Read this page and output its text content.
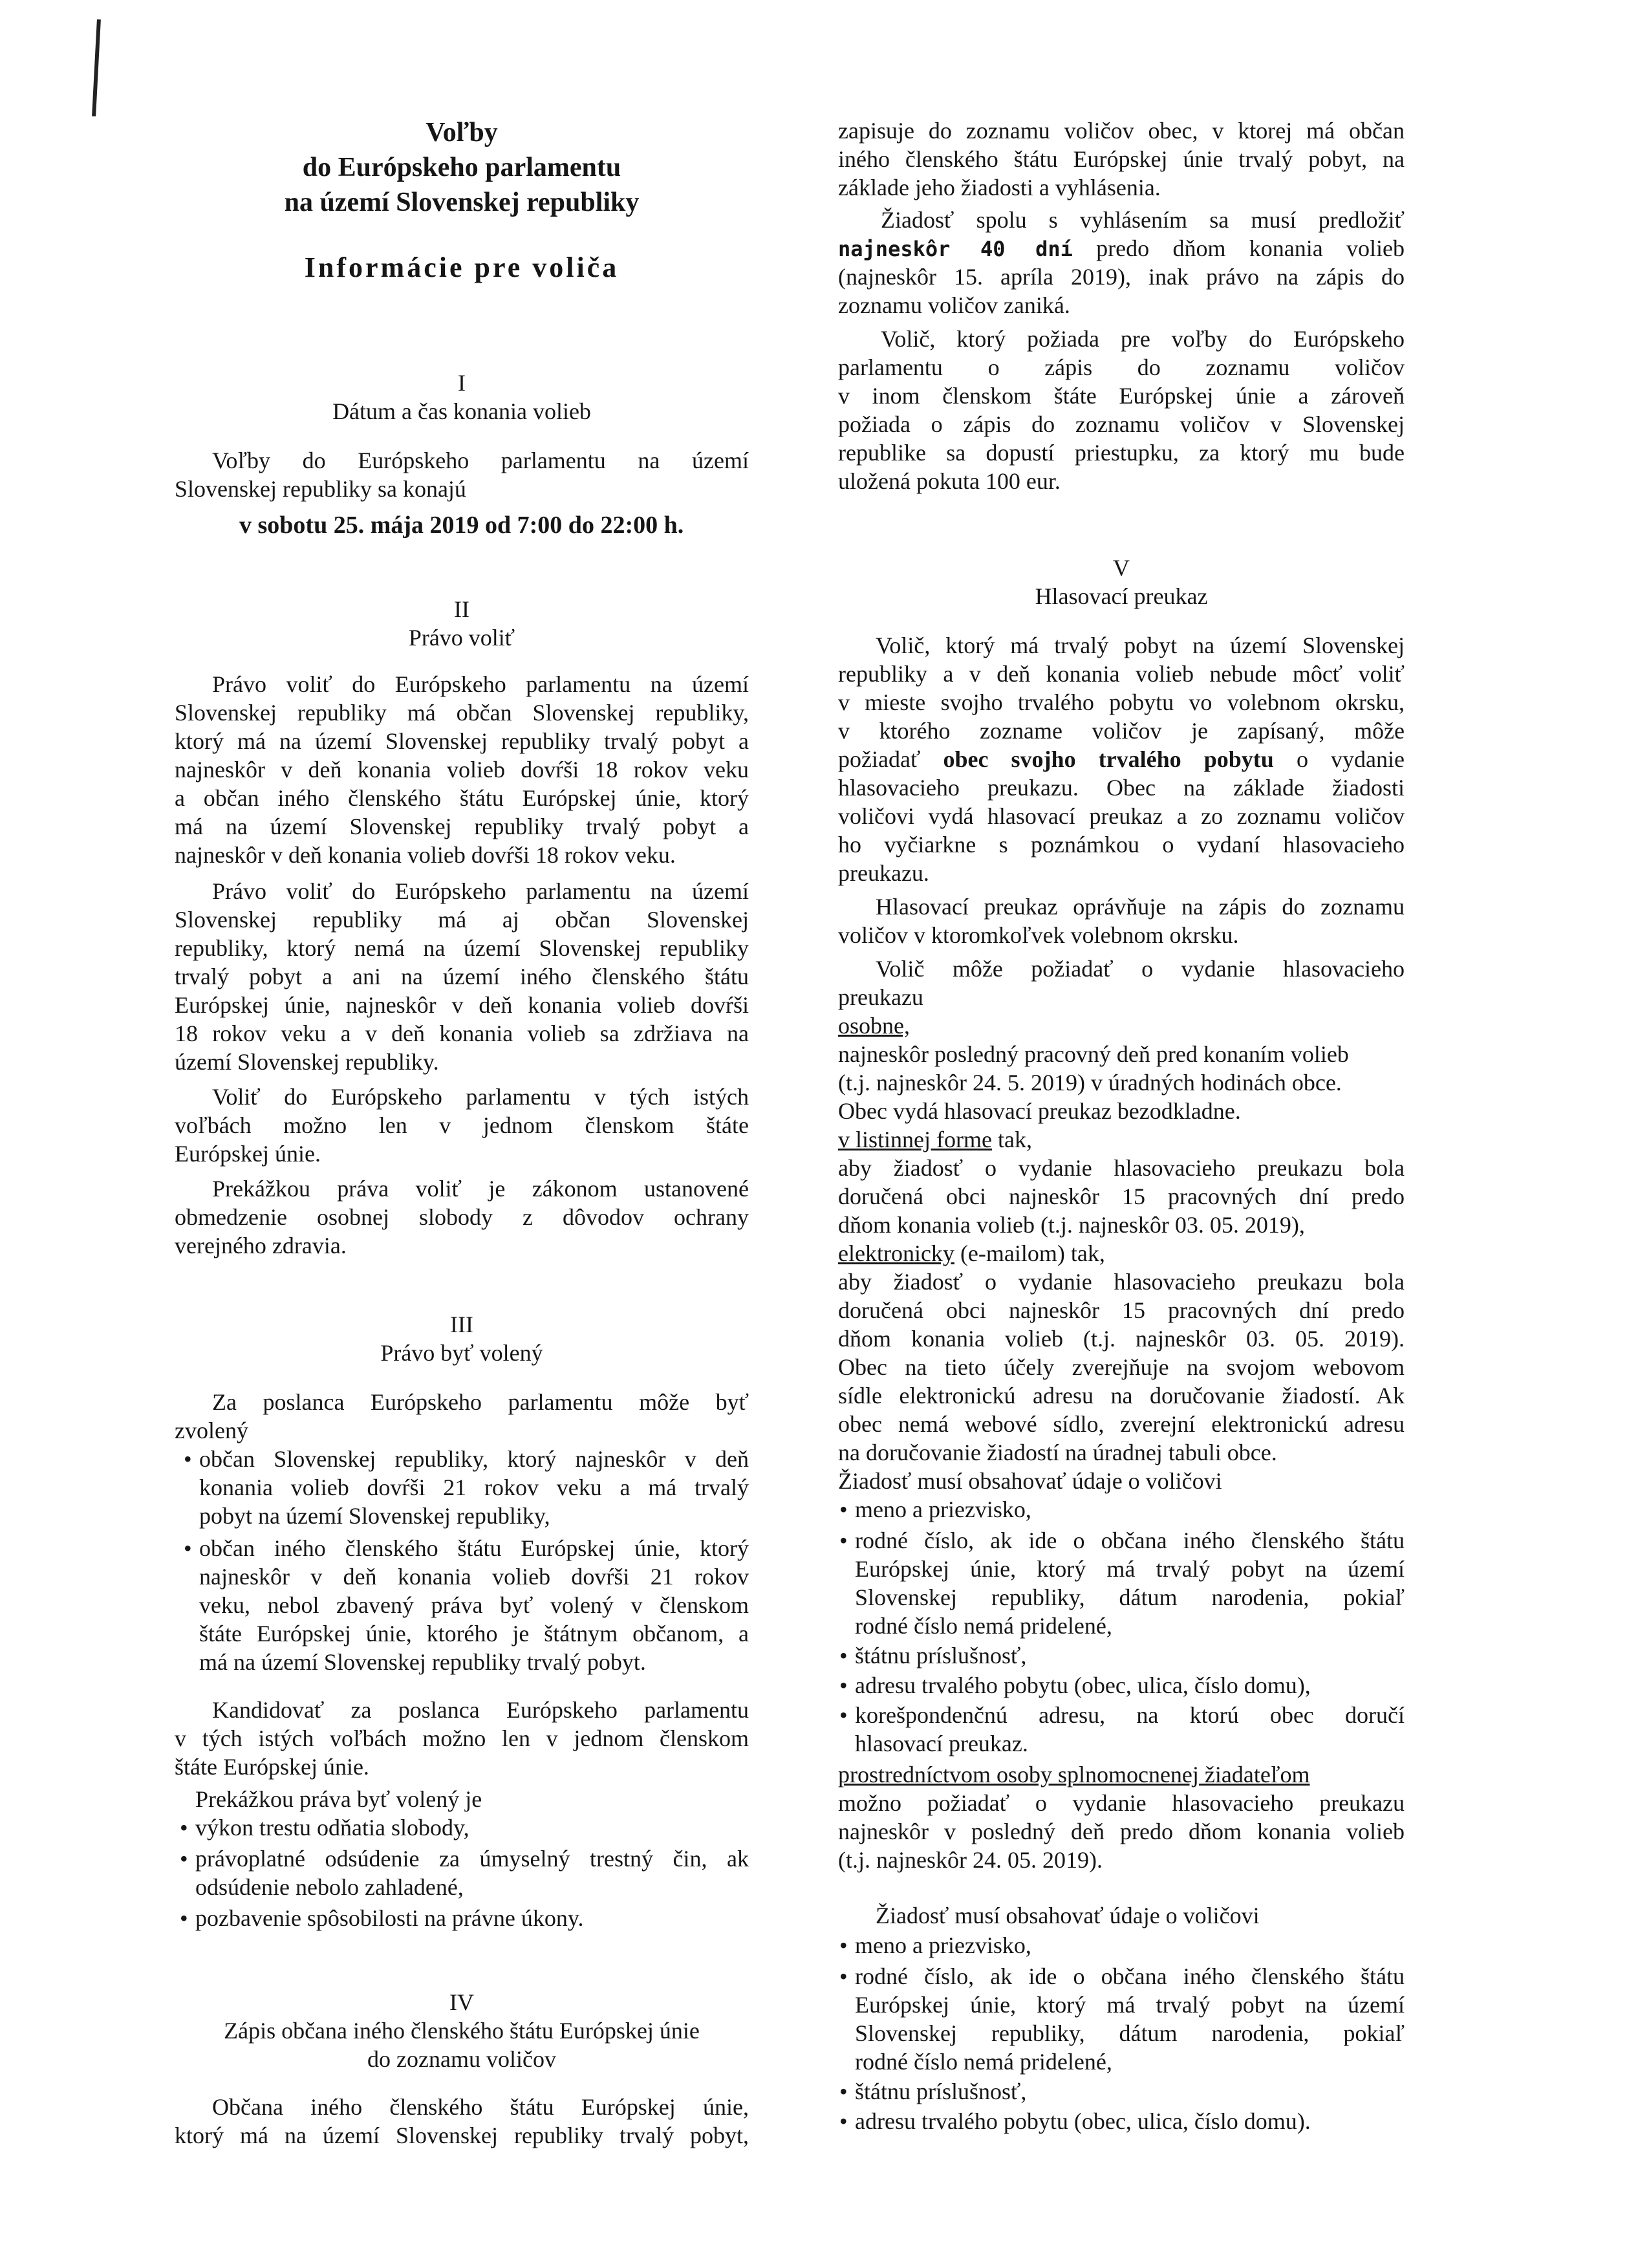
Voľby
do Európskeho parlamentu
na území Slovenskej republiky
Informácie pre voliča
I
Dátum a čas konania volieb
Voľby do Európskeho parlamentu na území
Slovenskej republiky sa konajú
v sobotu 25. mája 2019 od 7:00 do 22:00 h.
II
Právo voliť
Právo voliť do Európskeho parlamentu na území
Slovenskej republiky má občan Slovenskej republiky,
ktorý má na území Slovenskej republiky trvalý pobyt a
najneskôr v deň konania volieb dovŕši 18 rokov veku
a občan iného členského štátu Európskej únie, ktorý
má na území Slovenskej republiky trvalý pobyt a
najneskôr v deň konania volieb dovŕši 18 rokov veku.
Právo voliť do Európskeho parlamentu na území
Slovenskej republiky má aj občan Slovenskej
republiky, ktorý nemá na území Slovenskej republiky
trvalý pobyt a ani na území iného členského štátu
Európskej únie, najneskôr v deň konania volieb dovŕši
18 rokov veku a v deň konania volieb sa zdržiava na
území Slovenskej republiky.
Voliť do Európskeho parlamentu v tých istých
voľbách možno len v jednom členskom štáte
Európskej únie.
Prekážkou práva voliť je zákonom ustanovené
obmedzenie osobnej slobody z dôvodov ochrany
verejného zdravia.
III
Právo byť volený
Za poslanca Európskeho parlamentu môže byť
zvolený
• občan Slovenskej republiky, ktorý najneskôr v deň
konania volieb dovŕši 21 rokov veku a má trvalý
pobyt na území Slovenskej republiky,
• občan iného členského štátu Európskej únie, ktorý
najneskôr v deň konania volieb dovŕši 21 rokov
veku, nebol zbavený práva byť volený v členskom
štáte Európskej únie, ktorého je štátnym občanom, a
má na území Slovenskej republiky trvalý pobyt.
Kandidovať za poslanca Európskeho parlamentu
v tých istých voľbách možno len v jednom členskom
štáte Európskej únie.
Prekážkou práva byť volený je
• výkon trestu odňatia slobody,
• právoplatné odsúdenie za úmyselný trestný čin, ak
odsúdenie nebolo zahladené,
• pozbavenie spôsobilosti na právne úkony.
IV
Zápis občana iného členského štátu Európskej únie
do zoznamu voličov
Občana iného členského štátu Európskej únie,
ktorý má na území Slovenskej republiky trvalý pobyt,
zapisuje do zoznamu voličov obec, v ktorej má občan
iného členského štátu Európskej únie trvalý pobyt, na
základe jeho žiadosti a vyhlásenia.
Žiadosť spolu s vyhlásením sa musí predložiť
najneskôr 40 dní predo dňom konania volieb
(najneskôr 15. apríla 2019), inak právo na zápis do
zoznamu voličov zaniká.
Volič, ktorý požiada pre voľby do Európskeho
parlamentu o zápis do zoznamu voličov
v inom členskom štáte Európskej únie a zároveň
požiada o zápis do zoznamu voličov v Slovenskej
republike sa dopustí priestupku, za ktorý mu bude
uložená pokuta 100 eur.
V
Hlasovací preukaz
Volič, ktorý má trvalý pobyt na území Slovenskej
republiky a v deň konania volieb nebude môcť voliť
v mieste svojho trvalého pobytu vo volebnom okrsku,
v ktorého zozname voličov je zapísaný, môže
požiadať obec svojho trvalého pobytu o vydanie
hlasovacieho preukazu. Obec na základe žiadosti
voličovi vydá hlasovací preukaz a zo zoznamu voličov
ho vyčiarkne s poznámkou o vydaní hlasovacieho
preukazu.
Hlasovací preukaz oprávňuje na zápis do zoznamu
voličov v ktoromkoľvek volebnom okrsku.
Volič môže požiadať o vydanie hlasovacieho
preukazu
osobne,
najneskôr posledný pracovný deň pred konaním volieb
(t.j. najneskôr 24. 5. 2019) v úradných hodinách obce.
Obec vydá hlasovací preukaz bezodkladne.
v listinnej forme tak,
aby žiadosť o vydanie hlasovacieho preukazu bola
doručená obci najneskôr 15 pracovných dní predo
dňom konania volieb (t.j. najneskôr 03. 05. 2019),
elektronicky (e-mailom) tak,
aby žiadosť o vydanie hlasovacieho preukazu bola
doručená obci najneskôr 15 pracovných dní predo
dňom konania volieb (t.j. najneskôr 03. 05. 2019).
Obec na tieto účely zverejňuje na svojom webovom
sídle elektronickú adresu na doručovanie žiadostí. Ak
obec nemá webové sídlo, zverejní elektronickú adresu
na doručovanie žiadostí na úradnej tabuli obce.
Žiadosť musí obsahovať údaje o voličovi
• meno a priezvisko,
• rodné číslo, ak ide o občana iného členského štátu
Európskej únie, ktorý má trvalý pobyt na území
Slovenskej republiky, dátum narodenia, pokiaľ
rodné číslo nemá pridelené,
• štátnu príslušnosť,
• adresu trvalého pobytu (obec, ulica, číslo domu),
• korešpondenčnú adresu, na ktorú obec doručí
hlasovací preukaz.
prostredníctvom osoby splnomocnenej žiadateľom
možno požiadať o vydanie hlasovacieho preukazu
najneskôr v posledný deň predo dňom konania volieb
(t.j. najneskôr 24. 05. 2019).
Žiadosť musí obsahovať údaje o voličovi
• meno a priezvisko,
• rodné číslo, ak ide o občana iného členského štátu
Európskej únie, ktorý má trvalý pobyt na území
Slovenskej republiky, dátum narodenia, pokiaľ
rodné číslo nemá pridelené,
• štátnu príslušnosť,
• adresu trvalého pobytu (obec, ulica, číslo domu).
